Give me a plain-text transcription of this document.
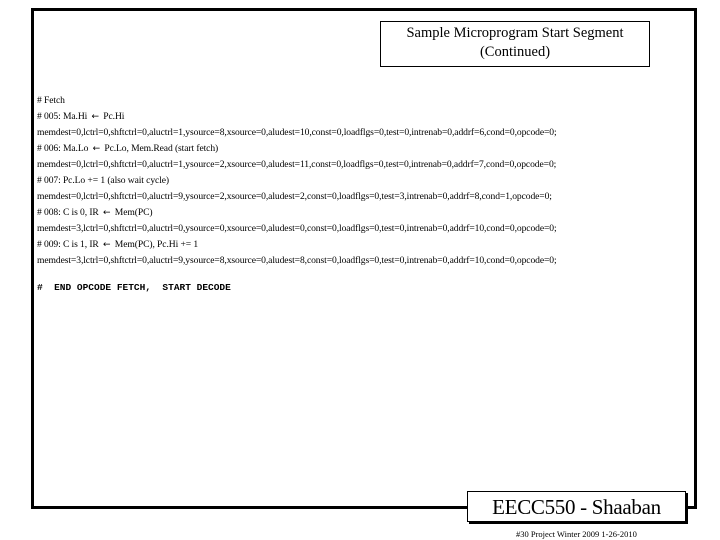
Sample Microprogram Start Segment
(Continued)
# Fetch
# 005: Ma.Hi ← Pc.Hi
memdest=0,lctrl=0,shftctrl=0,aluctrl=1,ysource=8,xsource=0,aludest=10,const=0,loadflgs=0,test=0,intrenab=0,addrf=6,cond=0,opcode=0;
# 006: Ma.Lo ← Pc.Lo, Mem.Read (start fetch)
memdest=0,lctrl=0,shftctrl=0,aluctrl=1,ysource=2,xsource=0,aludest=11,const=0,loadflgs=0,test=0,intrenab=0,addrf=7,cond=0,opcode=0;
# 007: Pc.Lo += 1 (also wait cycle)
memdest=0,lctrl=0,shftctrl=0,aluctrl=9,ysource=2,xsource=0,aludest=2,const=0,loadflgs=0,test=3,intrenab=0,addrf=8,cond=1,opcode=0;
# 008: C is 0, IR ← Mem(PC)
memdest=3,lctrl=0,shftctrl=0,aluctrl=0,ysource=0,xsource=0,aludest=0,const=0,loadflgs=0,test=0,intrenab=0,addrf=10,cond=0,opcode=0;
# 009: C is 1, IR ← Mem(PC), Pc.Hi += 1
memdest=3,lctrl=0,shftctrl=0,aluctrl=9,ysource=8,xsource=0,aludest=8,const=0,loadflgs=0,test=0,intrenab=0,addrf=10,cond=0,opcode=0;
#  END OPCODE FETCH,  START DECODE
EECC550 - Shaaban
#30 Project Winter 2009 1-26-2010
